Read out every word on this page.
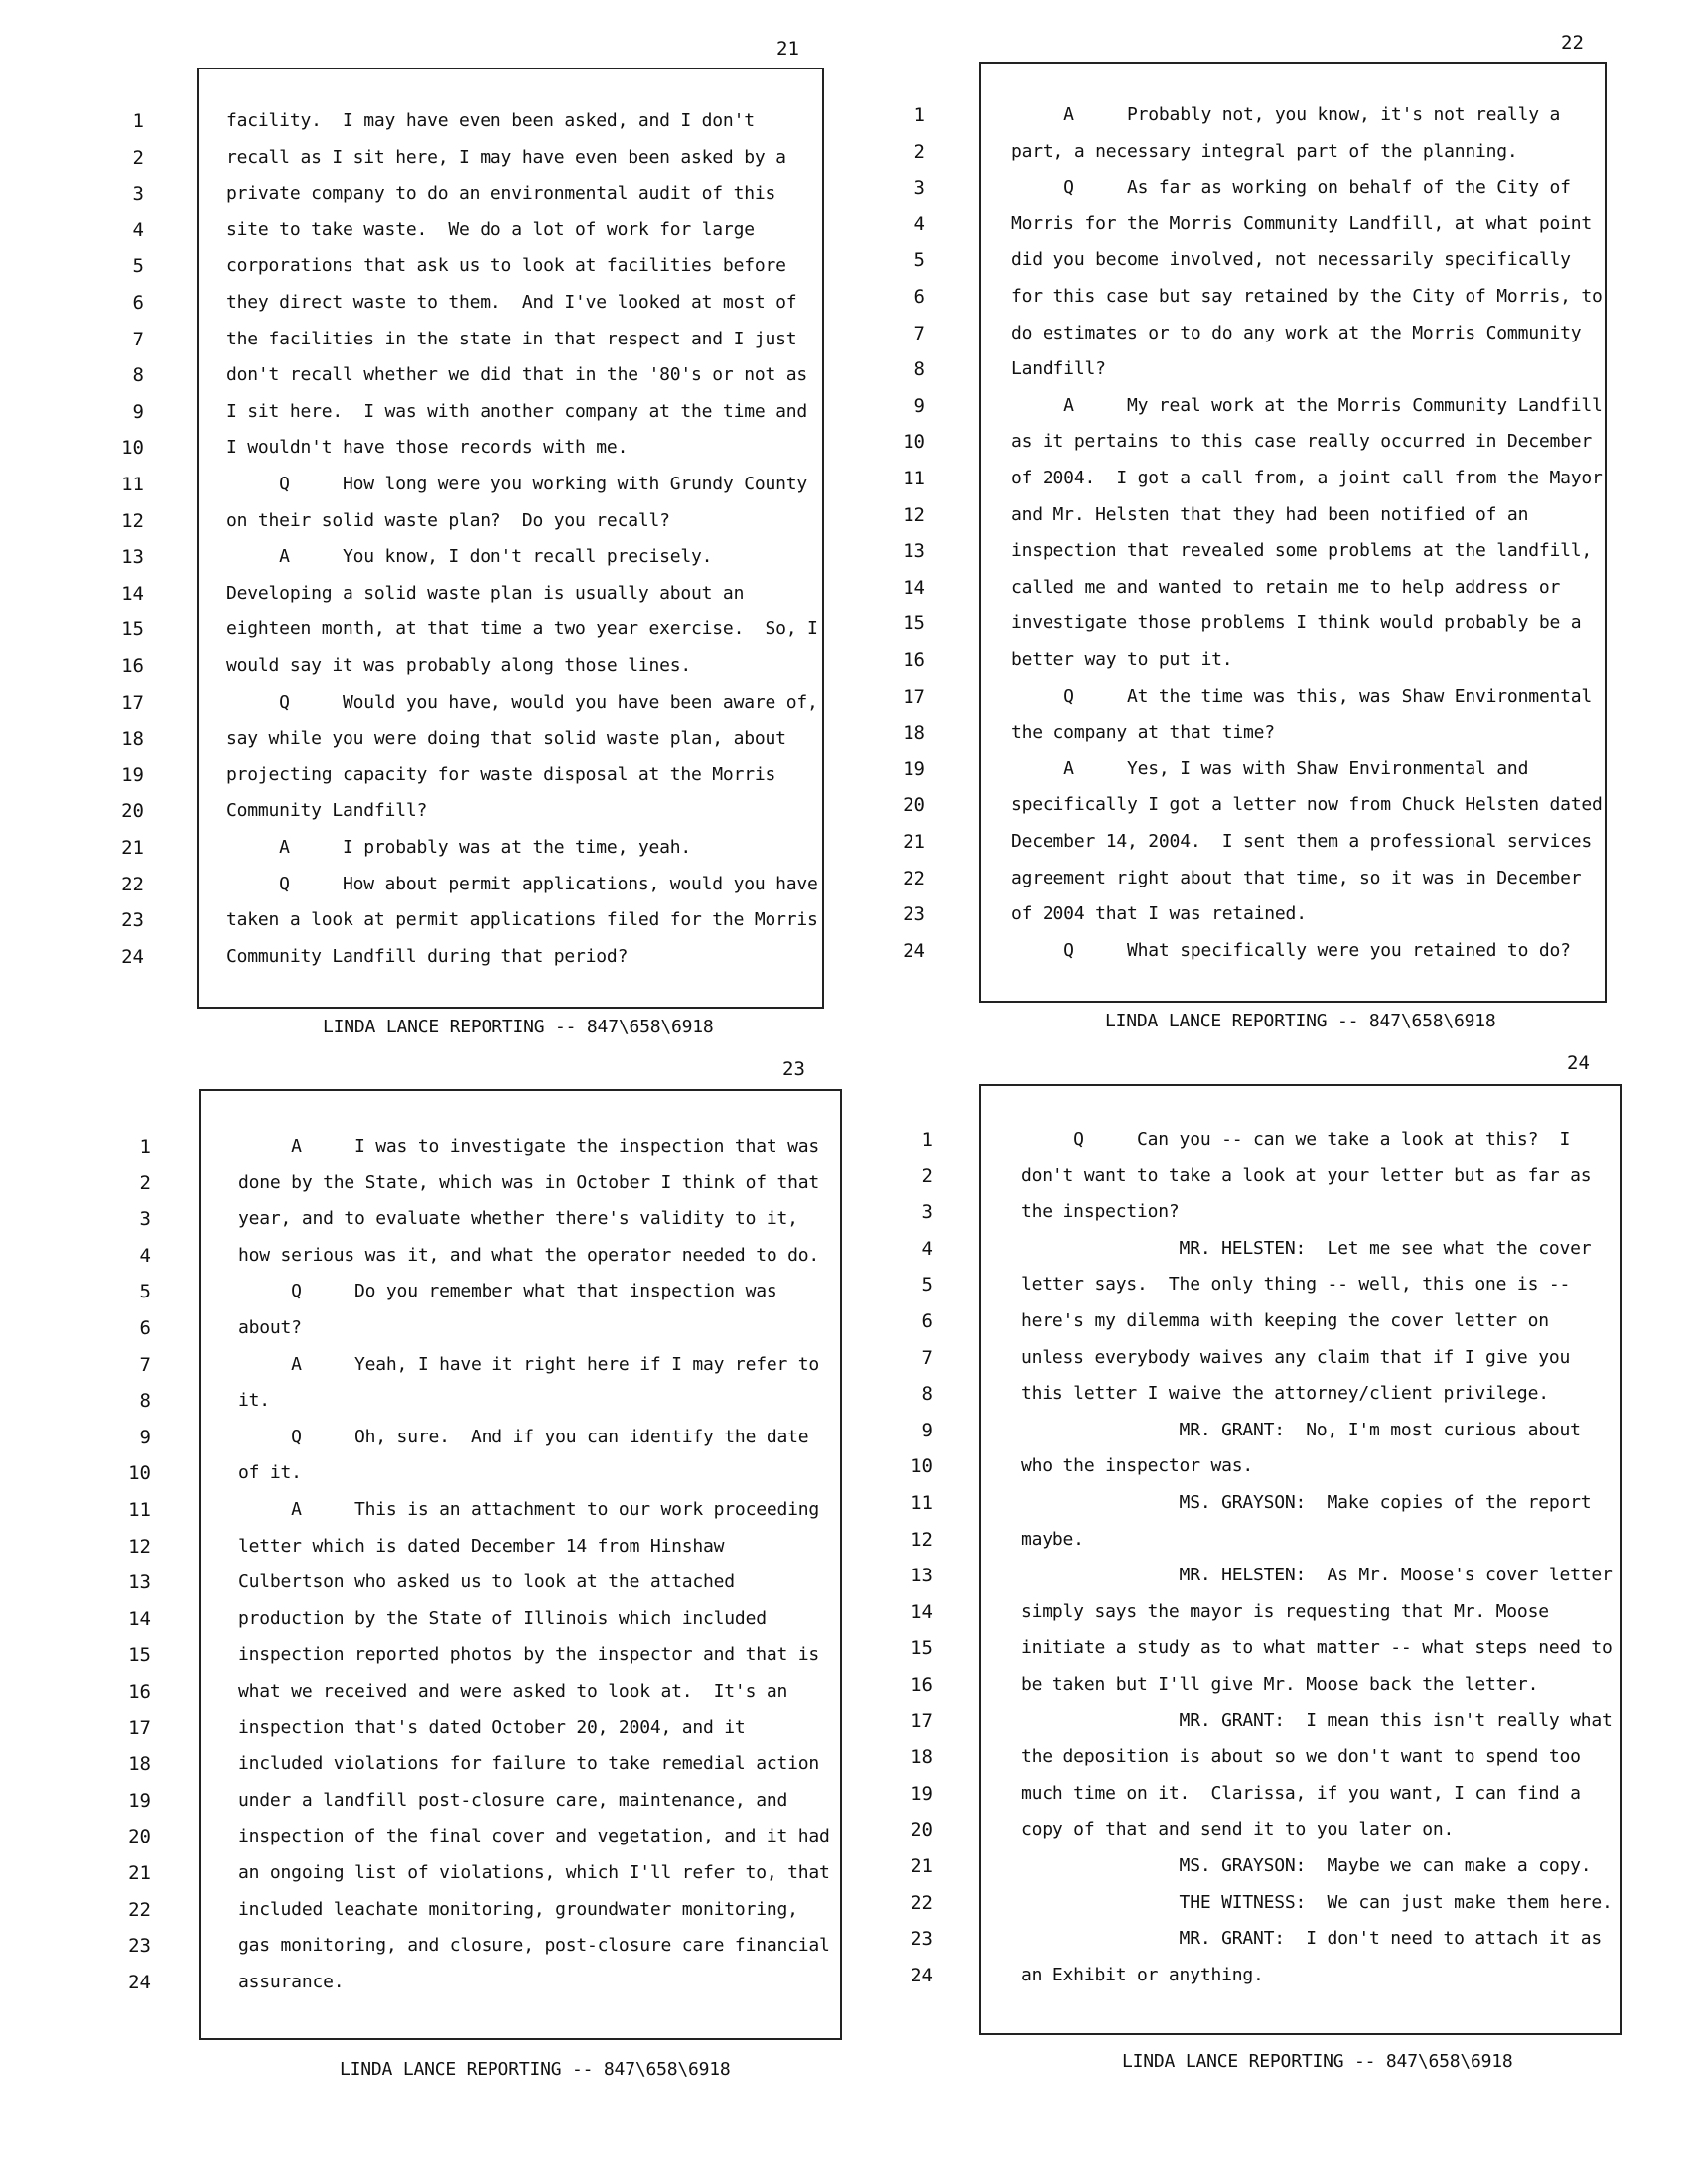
21
1	facility.  I may have even been asked, and I don't
2	recall as I sit here, I may have even been asked by a
3	private company to do an environmental audit of this
4	site to take waste.  We do a lot of work for large
5	corporations that ask us to look at facilities before
6	they direct waste to them.  And I've looked at most of
7	the facilities in the state in that respect and I just
8	don't recall whether we did that in the '80's or not as
9	I sit here.  I was with another company at the time and
10	I wouldn't have those records with me.
11	Q     How long were you working with Grundy County
12	on their solid waste plan?  Do you recall?
13	A     You know, I don't recall precisely.
14	Developing a solid waste plan is usually about an
15	eighteen month, at that time a two year exercise.  So, I
16	would say it was probably along those lines.
17	Q     Would you have, would you have been aware of,
18	say while you were doing that solid waste plan, about
19	projecting capacity for waste disposal at the Morris
20	Community Landfill?
21	A     I probably was at the time, yeah.
22	Q     How about permit applications, would you have
23	taken a look at permit applications filed for the Morris
24	Community Landfill during that period?
LINDA LANCE REPORTING -- 847\658\6918
22
1	A     Probably not, you know, it's not really a
2	part, a necessary integral part of the planning.
3	Q     As far as working on behalf of the City of
4	Morris for the Morris Community Landfill, at what point
5	did you become involved, not necessarily specifically
6	for this case but say retained by the City of Morris, to
7	do estimates or to do any work at the Morris Community
8	Landfill?
9	A     My real work at the Morris Community Landfill
10	as it pertains to this case really occurred in December
11	of 2004.  I got a call from, a joint call from the Mayor
12	and Mr. Helsten that they had been notified of an
13	inspection that revealed some problems at the landfill,
14	called me and wanted to retain me to help address or
15	investigate those problems I think would probably be a
16	better way to put it.
17	Q     At the time was this, was Shaw Environmental
18	the company at that time?
19	A     Yes, I was with Shaw Environmental and
20	specifically I got a letter now from Chuck Helsten dated
21	December 14, 2004.  I sent them a professional services
22	agreement right about that time, so it was in December
23	of 2004 that I was retained.
24	Q     What specifically were you retained to do?
LINDA LANCE REPORTING -- 847\658\6918
23
1	A     I was to investigate the inspection that was
2	done by the State, which was in October I think of that
3	year, and to evaluate whether there's validity to it,
4	how serious was it, and what the operator needed to do.
5	Q     Do you remember what that inspection was
6	about?
7	A     Yeah, I have it right here if I may refer to
8	it.
9	Q     Oh, sure.  And if you can identify the date
10	of it.
11	A     This is an attachment to our work proceeding
12	letter which is dated December 14 from Hinshaw
13	Culbertson who asked us to look at the attached
14	production by the State of Illinois which included
15	inspection reported photos by the inspector and that is
16	what we received and were asked to look at.  It's an
17	inspection that's dated October 20, 2004, and it
18	included violations for failure to take remedial action
19	under a landfill post-closure care, maintenance, and
20	inspection of the final cover and vegetation, and it had
21	an ongoing list of violations, which I'll refer to, that
22	included leachate monitoring, groundwater monitoring,
23	gas monitoring, and closure, post-closure care financial
24	assurance.
LINDA LANCE REPORTING -- 847\658\6918
24
1	Q     Can you -- can we take a look at this?  I
2	don't want to take a look at your letter but as far as
3	the inspection?
4	MR. HELSTEN:  Let me see what the cover
5	letter says.  The only thing -- well, this one is --
6	here's my dilemma with keeping the cover letter on
7	unless everybody waives any claim that if I give you
8	this letter I waive the attorney/client privilege.
9	MR. GRANT:  No, I'm most curious about
10	who the inspector was.
11	MS. GRAYSON:  Make copies of the report
12	maybe.
13	MR. HELSTEN:  As Mr. Moose's cover letter
14	simply says the mayor is requesting that Mr. Moose
15	initiate a study as to what matter -- what steps need to
16	be taken but I'll give Mr. Moose back the letter.
17	MR. GRANT:  I mean this isn't really what
18	the deposition is about so we don't want to spend too
19	much time on it.  Clarissa, if you want, I can find a
20	copy of that and send it to you later on.
21	MS. GRAYSON:  Maybe we can make a copy.
22	THE WITNESS:  We can just make them here.
23	MR. GRANT:  I don't need to attach it as
24	an Exhibit or anything.
LINDA LANCE REPORTING -- 847\658\6918
